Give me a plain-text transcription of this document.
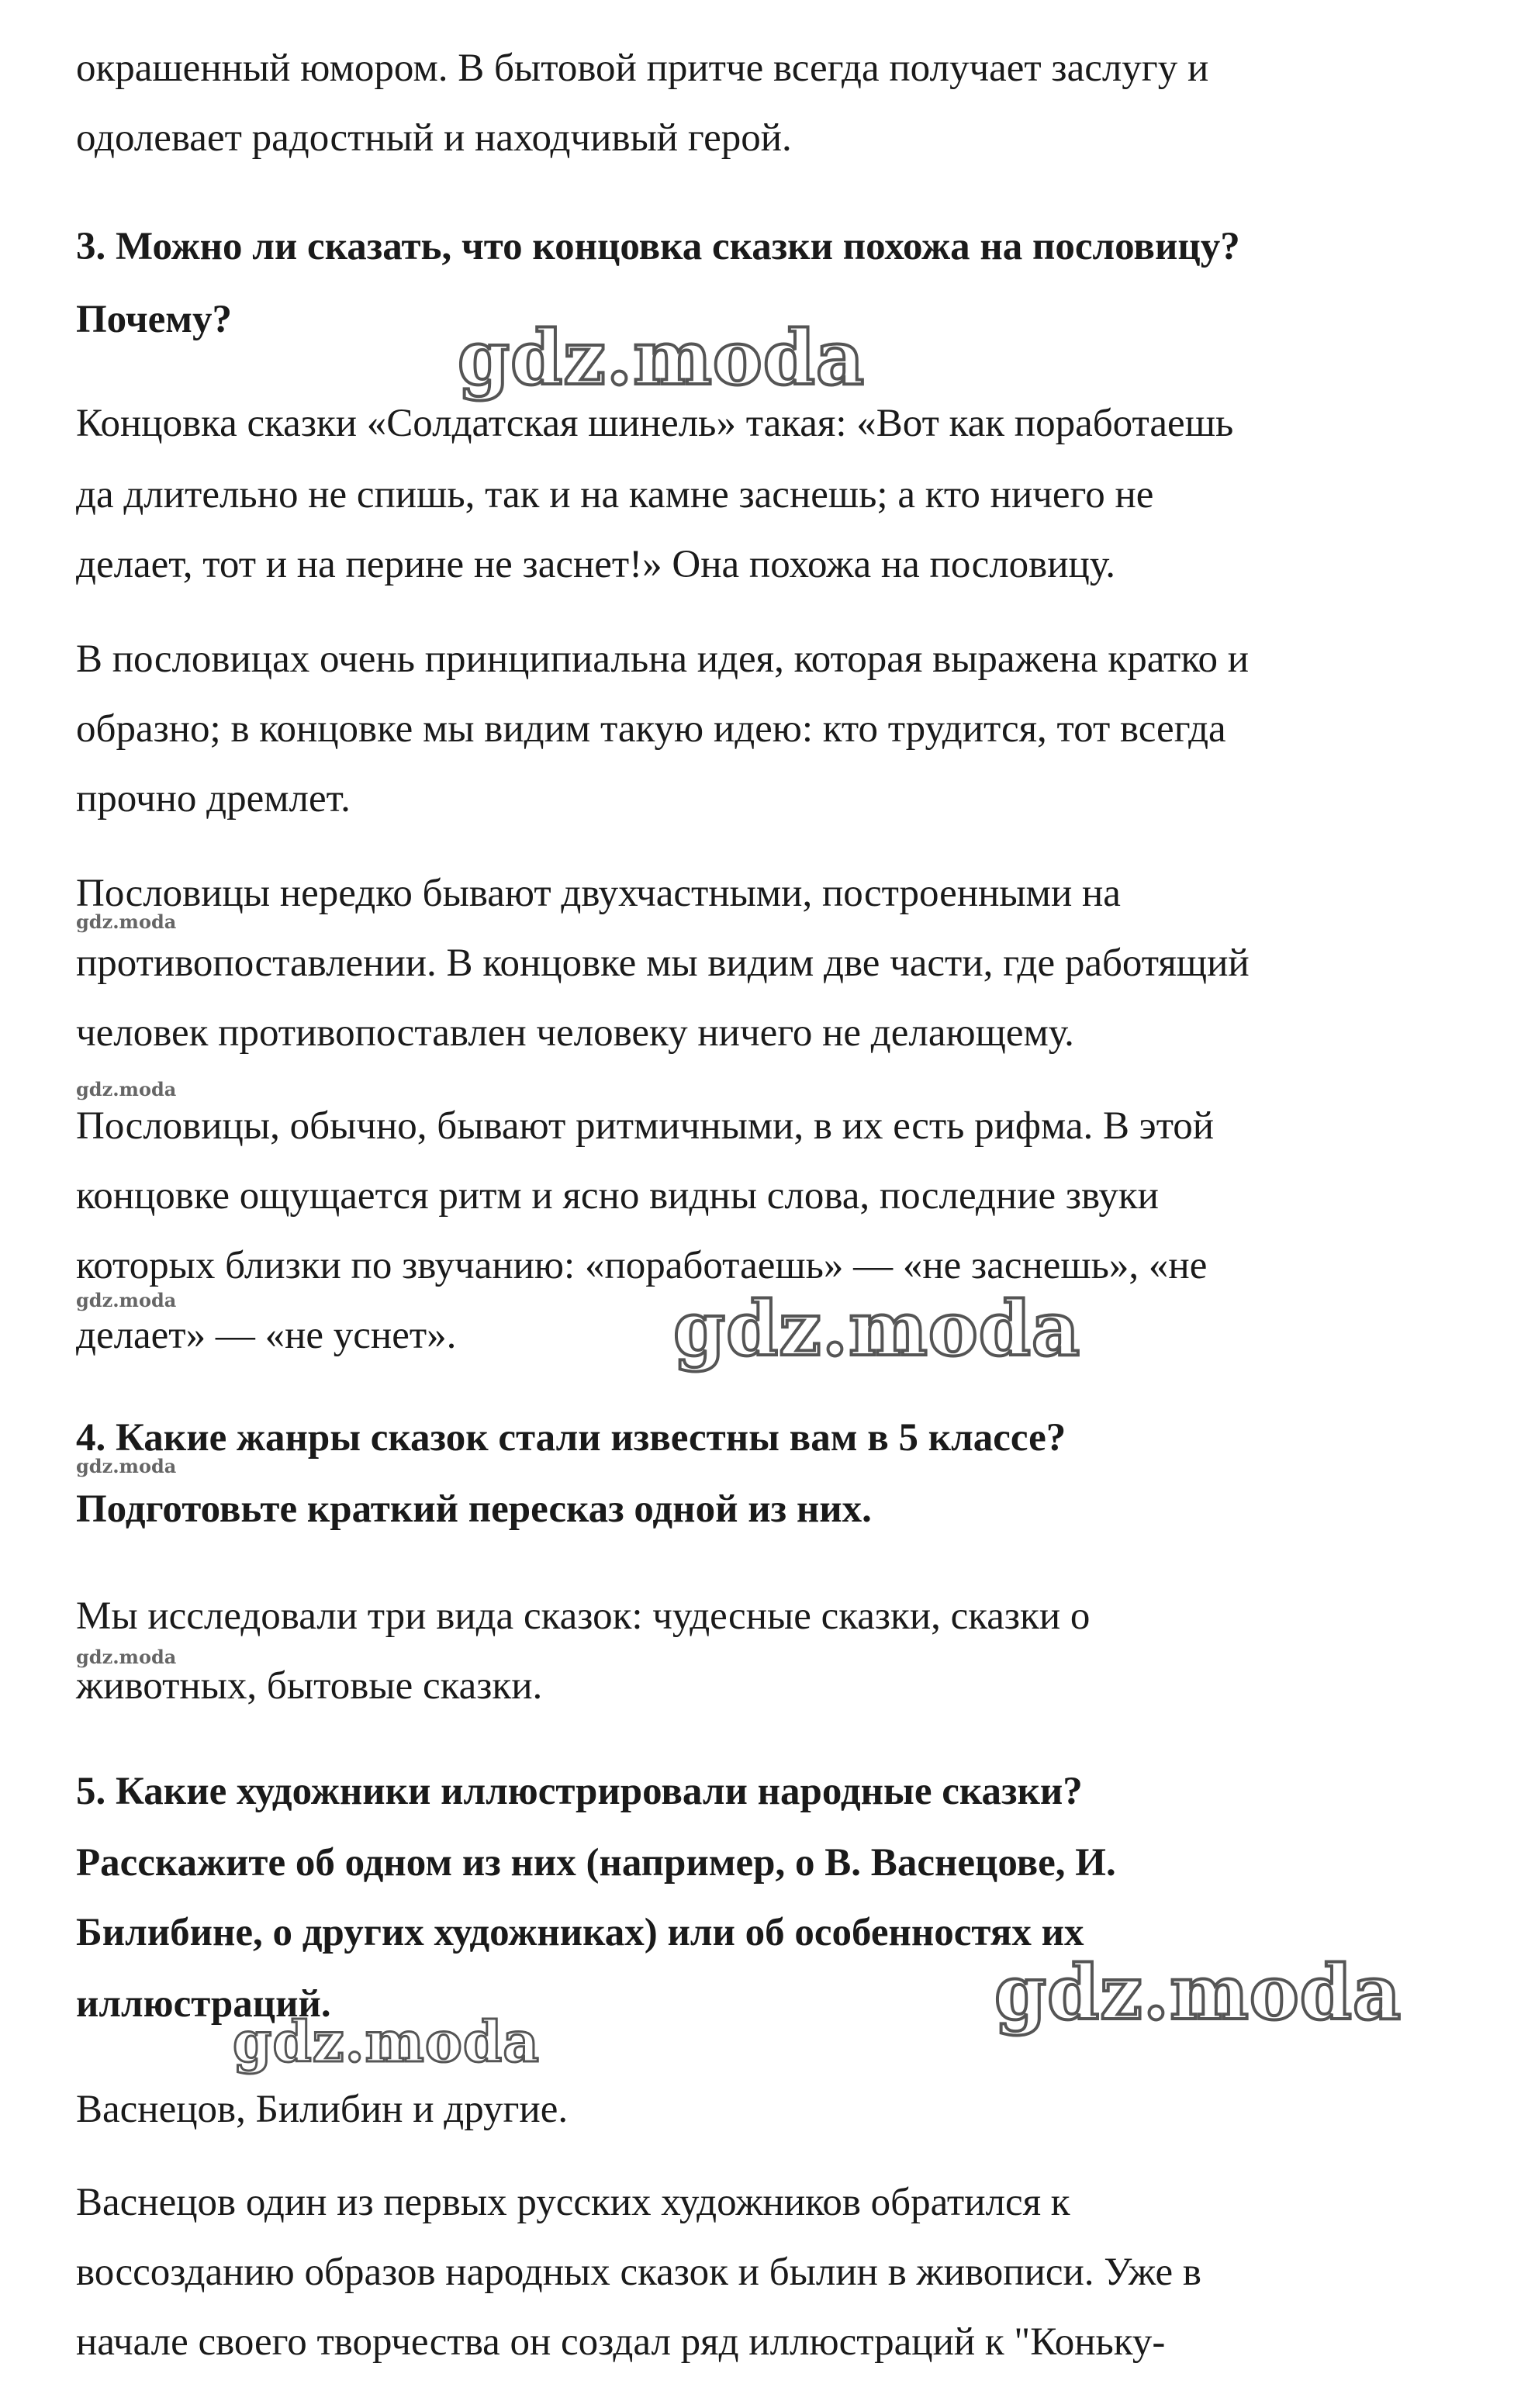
окрашенный юмором. В бытовой притче всегда получает заслугу и
одолевает радостный и находчивый герой.
3. Можно ли сказать, что концовка сказки похожа на пословицу?
Почему?
Концовка сказки «Солдатская шинель» такая: «Вот как поработаешь
да длительно не спишь, так и на камне заснешь; а кто ничего не
делает, тот и на перине не заснет!» Она похожа на пословицу.
В пословицах очень принципиальна идея, которая выражена кратко и
образно; в концовке мы видим такую идею: кто трудится, тот всегда
прочно дремлет.
Пословицы нередко бывают двухчастными, построенными на
противопоставлении. В концовке мы видим две части, где работящий
человек противопоставлен человеку ничего не делающему.
Пословицы, обычно, бывают ритмичными, в их есть рифма. В этой
концовке ощущается ритм и ясно видны слова, последние звуки
которых близки по звучанию: «поработаешь» — «не заснешь», «не
делает» — «не уснет».
4. Какие жанры сказок стали известны вам в 5 классе?
Подготовьте краткий пересказ одной из них.
Мы исследовали три вида сказок: чудесные сказки, сказки о
животных, бытовые сказки.
5. Какие художники иллюстрировали народные сказки?
Расскажите об одном из них (например, о В. Васнецове, И.
Билибине, о других художниках) или об особенностях их
иллюстраций.
Васнецов, Билибин и другие.
Васнецов один из первых русских художников обратился к
воссозданию образов народных сказок и былин в живописи. Уже в
начале своего творчества он создал ряд иллюстраций к "Коньку-
gdz.moda
gdz.moda
gdz.moda
gdz.moda
gdz.moda
gdz.moda
gdz.moda
gdz.moda
gdz.moda
